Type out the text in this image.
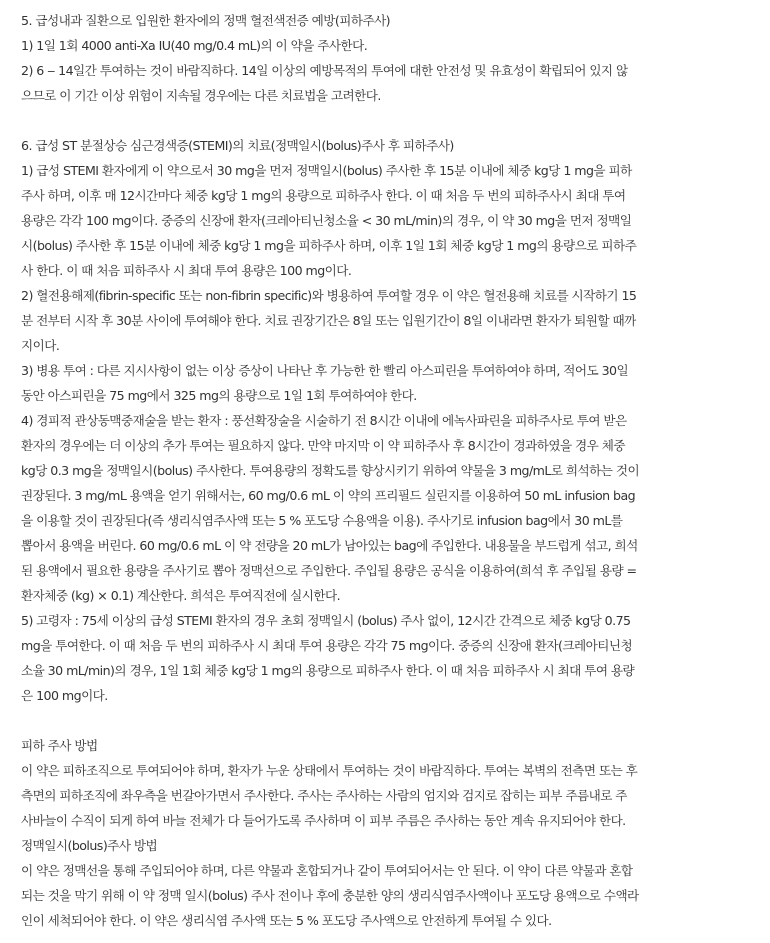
5. 급성내과 질환으로 입원한 환자에의 정맥 혈전색전증 예방(피하주사)
1) 1일 1회 4000 anti-Xa IU(40 mg/0.4 mL)의 이 약을 주사한다.
2) 6 ‒ 14일간 투여하는 것이 바람직하다. 14일 이상의 예방목적의 투여에 대한 안전성 및 유효성이 확립되어 있지 않
으므로 이 기간 이상 위험이 지속될 경우에는 다른 치료법을 고려한다.
6. 급성 ST 분절상승 심근경색증(STEMI)의 치료(정맥일시(bolus)주사 후 피하주사)
1) 급성 STEMI 환자에게 이 약으로서 30 mg을 먼저 정맥일시(bolus) 주사한 후 15분 이내에 체중 kg당 1 mg을 피하
주사 하며, 이후 매 12시간마다 체중 kg당 1 mg의 용량으로 피하주사 한다. 이 때 처음 두 번의 피하주사시 최대 투여
용량은 각각 100 mg이다. 중증의 신장애 환자(크레아티닌청소율 < 30 mL/min)의 경우, 이 약 30 mg을 먼저 정맥일
시(bolus) 주사한 후 15분 이내에 체중 kg당 1 mg을 피하주사 하며, 이후 1일 1회 체중 kg당 1 mg의 용량으로 피하주
사 한다. 이 때 처음 피하주사 시 최대 투여 용량은 100 mg이다.
2) 혈전용해제(fibrin-specific 또는 non-fibrin specific)와 병용하여 투여할 경우 이 약은 혈전용해 치료를 시작하기 15
분 전부터 시작 후 30분 사이에 투여해야 한다. 치료 권장기간은 8일 또는 입원기간이 8일 이내라면 환자가 퇴원할 때까
지이다.
3) 병용 투여 : 다른 지시사항이 없는 이상 증상이 나타난 후 가능한 한 빨리 아스피린을 투여하여야 하며, 적어도 30일
동안 아스피린을 75 mg에서 325 mg의 용량으로 1일 1회 투여하여야 한다.
4) 경피적 관상동맥중재술을 받는 환자 : 풍선확장술을 시술하기 전 8시간 이내에 에녹사파린을 피하주사로 투여 받은
환자의 경우에는 더 이상의 추가 투여는 필요하지 않다. 만약 마지막 이 약 피하주사 후 8시간이 경과하였을 경우 체중
kg당 0.3 mg을 정맥일시(bolus) 주사한다. 투여용량의 정확도를 향상시키기 위하여 약물을 3 mg/mL로 희석하는 것이
권장된다. 3 mg/mL 용액을 얻기 위해서는, 60 mg/0.6 mL 이 약의 프리필드 실린지를 이용하여 50 mL infusion bag
을 이용할 것이 권장된다(즉 생리식염주사액 또는 5 % 포도당 수용액을 이용). 주사기로 infusion bag에서 30 mL를
뽑아서 용액을 버린다. 60 mg/0.6 mL 이 약 전량을 20 mL가 남아있는 bag에 주입한다. 내용물을 부드럽게 섞고, 희석
된 용액에서 필요한 용량을 주사기로 뽑아 정맥선으로 주입한다. 주입될 용량은 공식을 이용하여(희석 후 주입될 용량 =
환자체중 (kg) × 0.1) 계산한다. 희석은 투여직전에 실시한다.
5) 고령자 : 75세 이상의 급성 STEMI 환자의 경우 초회 정맥일시 (bolus) 주사 없이, 12시간 간격으로 체중 kg당 0.75
mg을 투여한다. 이 때 처음 두 번의 피하주사 시 최대 투여 용량은 각각 75 mg이다. 중증의 신장애 환자(크레아티닌청
소율 30 mL/min)의 경우, 1일 1회 체중 kg당 1 mg의 용량으로 피하주사 한다. 이 때 처음 피하주사 시 최대 투여 용량
은 100 mg이다.
피하 주사 방법
이 약은 피하조직으로 투여되어야 하며, 환자가 누운 상태에서 투여하는 것이 바람직하다. 투여는 복벽의 전측면 또는 후
측면의 피하조직에 좌우측을 번갈아가면서 주사한다. 주사는 주사하는 사람의 엄지와 검지로 잡히는 피부 주름내로 주
사바늘이 수직이 되게 하여 바늘 전체가 다 들어가도록 주사하며 이 피부 주름은 주사하는 동안 계속 유지되어야 한다.
정맥일시(bolus)주사 방법
이 약은 정맥선을 통해 주입되어야 하며, 다른 약물과 혼합되거나 같이 투여되어서는 안 된다. 이 약이 다른 약물과 혼합
되는 것을 막기 위해 이 약 정맥 일시(bolus) 주사 전이나 후에 충분한 양의 생리식염주사액이나 포도당 용액으로 수액라
인이 세척되어야 한다. 이 약은 생리식염 주사액 또는 5 % 포도당 주사액으로 안전하게 투여될 수 있다.
